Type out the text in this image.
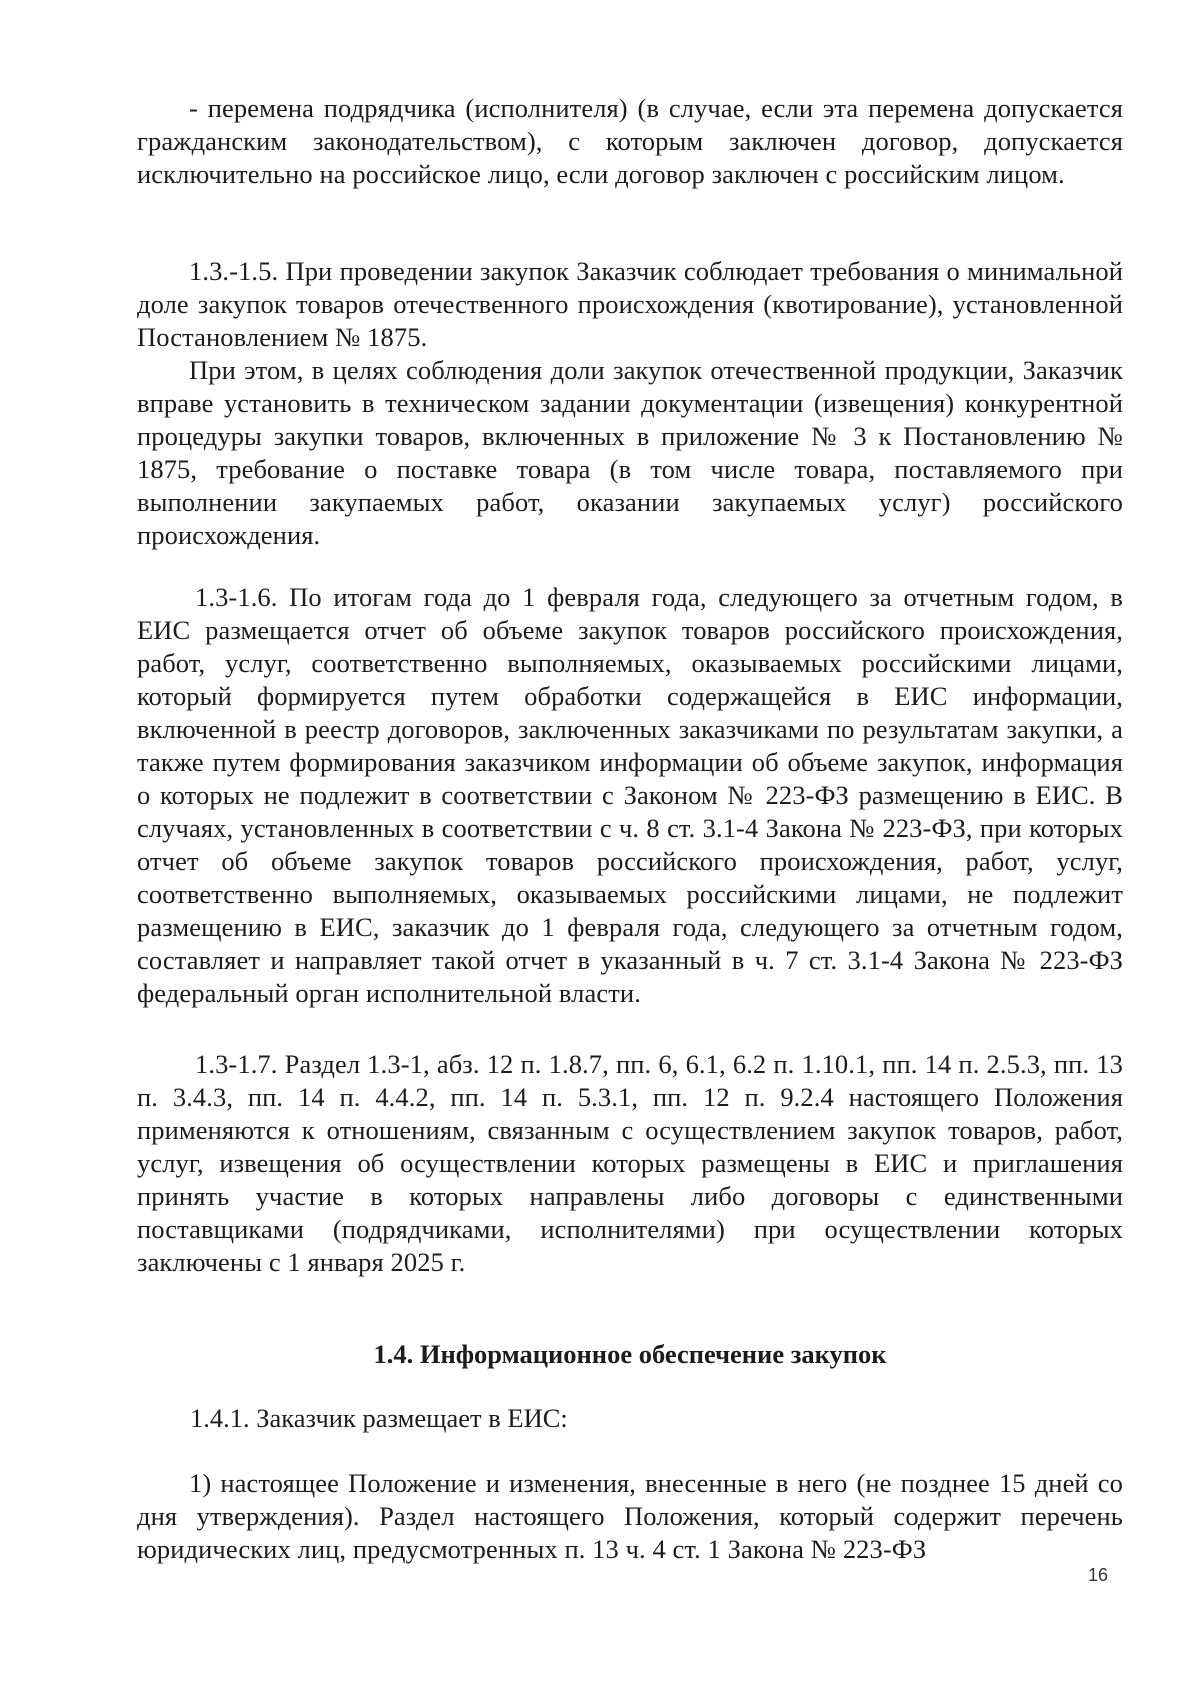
- перемена подрядчика (исполнителя) (в случае, если эта перемена допускается гражданским законодательством), с которым заключен договор, допускается исключительно на российское лицо, если договор заключен с российским лицом.

1.3.-1.5. При проведении закупок Заказчик соблюдает требования о минимальной доле закупок товаров отечественного происхождения (квотирование), установленной Постановлением № 1875.

При этом, в целях соблюдения доли закупок отечественной продукции, Заказчик вправе установить в техническом задании документации (извещения) конкурентной процедуры закупки товаров, включенных в приложение № 3 к Постановлению № 1875, требование о поставке товара (в том числе товара, поставляемого при выполнении закупаемых работ, оказании закупаемых услуг) российского происхождения.

1.3-1.6. По итогам года до 1 февраля года, следующего за отчетным годом, в ЕИС размещается отчет об объеме закупок товаров российского происхождения, работ, услуг, соответственно выполняемых, оказываемых российскими лицами, который формируется путем обработки содержащейся в ЕИС информации, включенной в реестр договоров, заключенных заказчиками по результатам закупки, а также путем формирования заказчиком информации об объеме закупок, информация о которых не подлежит в соответствии с Законом № 223-ФЗ размещению в ЕИС. В случаях, установленных в соответствии с ч. 8 ст. 3.1-4 Закона № 223-ФЗ, при которых отчет об объеме закупок товаров российского происхождения, работ, услуг, соответственно выполняемых, оказываемых российскими лицами, не подлежит размещению в ЕИС, заказчик до 1 февраля года, следующего за отчетным годом, составляет и направляет такой отчет в указанный в ч. 7 ст. 3.1-4 Закона № 223-ФЗ федеральный орган исполнительной власти.

1.3-1.7. Раздел 1.3-1, абз. 12 п. 1.8.7, пп. 6, 6.1, 6.2 п. 1.10.1, пп. 14 п. 2.5.3, пп. 13 п. 3.4.3, пп. 14 п. 4.4.2, пп. 14 п. 5.3.1, пп. 12 п. 9.2.4 настоящего Положения применяются к отношениям, связанным с осуществлением закупок товаров, работ, услуг, извещения об осуществлении которых размещены в ЕИС и приглашения принять участие в которых направлены либо договоры с единственными поставщиками (подрядчиками, исполнителями) при осуществлении которых заключены с 1 января 2025 г.

1.4. Информационное обеспечение закупок

1.4.1. Заказчик размещает в ЕИС:

1) настоящее Положение и изменения, внесенные в него (не позднее 15 дней со дня утверждения). Раздел настоящего Положения, который содержит перечень юридических лиц, предусмотренных п. 13 ч. 4 ст. 1 Закона № 223-ФЗ

16
